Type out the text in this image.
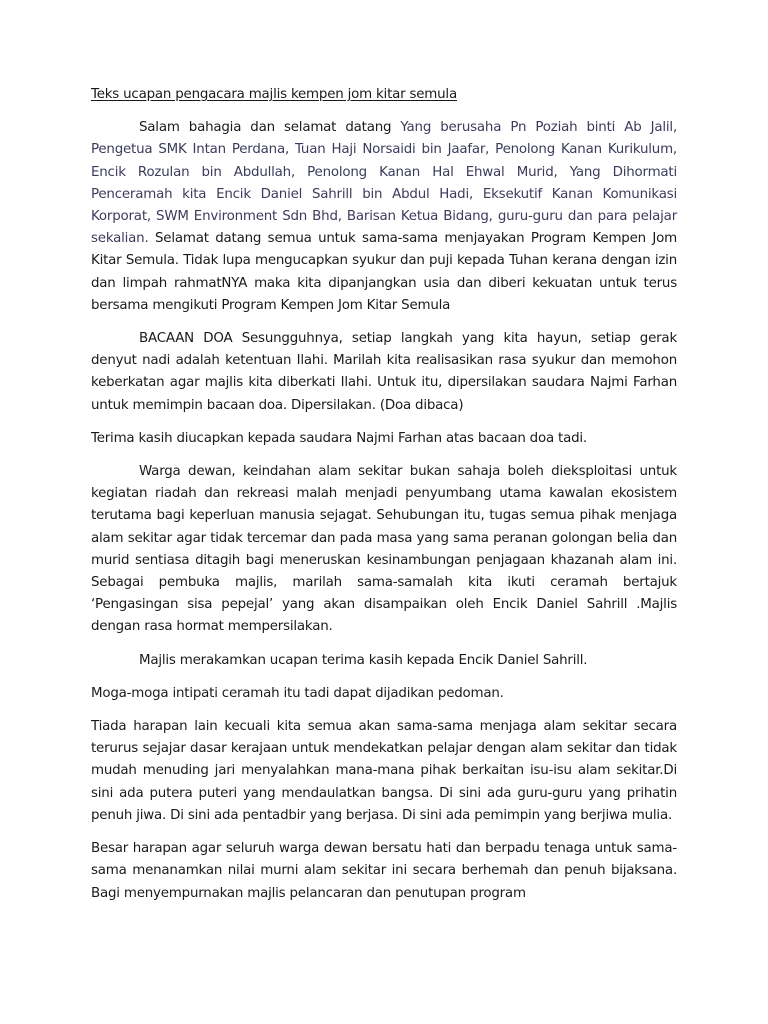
Teks ucapan pengacara majlis kempen jom kitar semula

Salam bahagia dan selamat datang Yang berusaha Pn Poziah binti Ab Jalil, Pengetua SMK Intan Perdana, Tuan Haji Norsaidi bin Jaafar, Penolong Kanan Kurikulum, Encik Rozulan bin Abdullah, Penolong Kanan Hal Ehwal Murid, Yang Dihormati Penceramah kita Encik Daniel Sahrill bin Abdul Hadi, Eksekutif Kanan Komunikasi Korporat, SWM Environment Sdn Bhd, Barisan Ketua Bidang, guru-guru dan para pelajar sekalian. Selamat datang semua untuk sama-sama menjayakan Program Kempen Jom Kitar Semula. Tidak lupa mengucapkan syukur dan puji kepada Tuhan kerana dengan izin dan limpah rahmatNYA maka kita dipanjangkan usia dan diberi kekuatan untuk terus bersama mengikuti Program Kempen Jom Kitar Semula

BACAAN DOA Sesungguhnya, setiap langkah yang kita hayun, setiap gerak denyut nadi adalah ketentuan Ilahi. Marilah kita realisasikan rasa syukur dan memohon keberkatan agar majlis kita diberkati Ilahi. Untuk itu, dipersilakan saudara Najmi Farhan untuk memimpin bacaan doa. Dipersilakan. (Doa dibaca)

Terima kasih diucapkan kepada saudara Najmi Farhan atas bacaan doa tadi.

Warga dewan, keindahan alam sekitar bukan sahaja boleh dieksploitasi untuk kegiatan riadah dan rekreasi malah menjadi penyumbang utama kawalan ekosistem terutama bagi keperluan manusia sejagat. Sehubungan itu, tugas semua pihak menjaga alam sekitar agar tidak tercemar dan pada masa yang sama peranan golongan belia dan murid sentiasa ditagih bagi meneruskan kesinambungan penjagaan khazanah alam ini. Sebagai pembuka majlis, marilah sama-samalah kita ikuti ceramah bertajuk ‘Pengasingan sisa pepejal’ yang akan disampaikan oleh Encik Daniel Sahrill .Majlis dengan rasa hormat mempersilakan.

Majlis merakamkan ucapan terima kasih kepada Encik Daniel Sahrill.

Moga-moga intipati ceramah itu tadi dapat dijadikan pedoman.

Tiada harapan lain kecuali kita semua akan sama-sama menjaga alam sekitar secara terurus sejajar dasar kerajaan untuk mendekatkan pelajar dengan alam sekitar dan tidak mudah menuding jari menyalahkan mana-mana pihak berkaitan isu-isu alam sekitar.Di sini ada putera puteri yang mendaulatkan bangsa. Di sini ada guru-guru yang prihatin penuh jiwa. Di sini ada pentadbir yang berjasa. Di sini ada pemimpin yang berjiwa mulia.

Besar harapan agar seluruh warga dewan bersatu hati dan berpadu tenaga untuk sama-sama menanamkan nilai murni alam sekitar ini secara berhemah dan penuh bijaksana. Bagi menyempurnakan majlis pelancaran dan penutupan program
